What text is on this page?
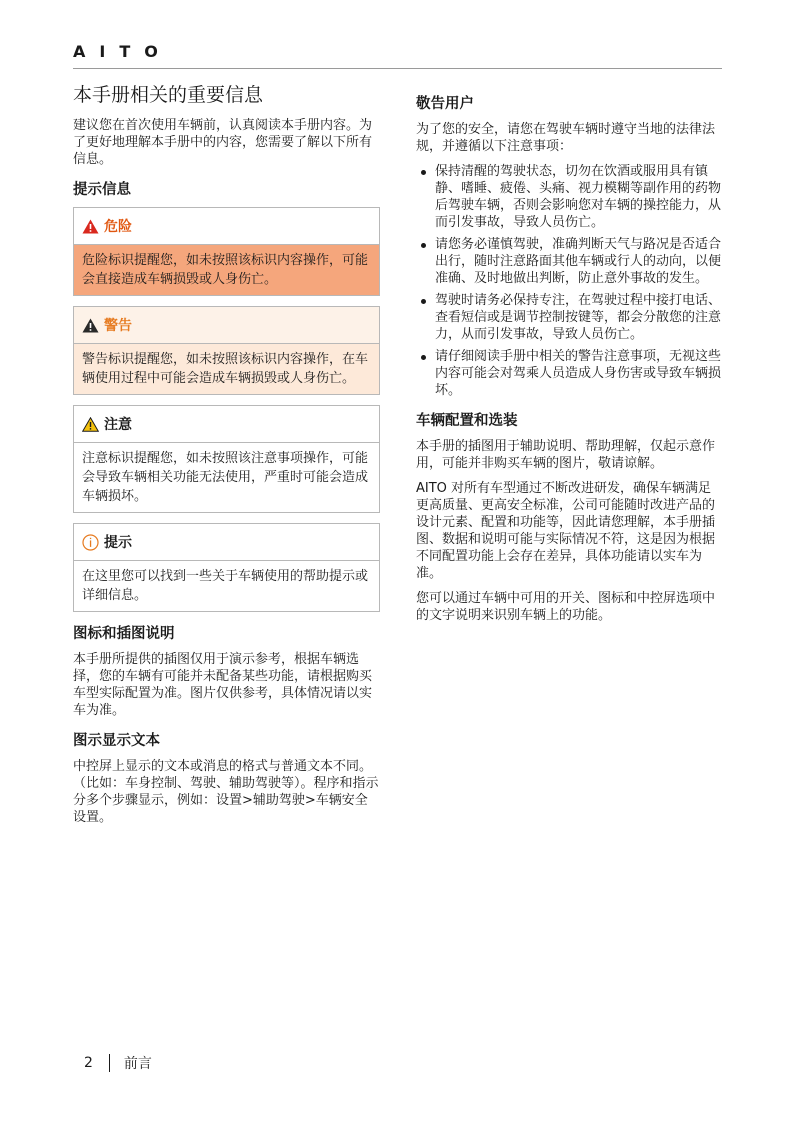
AITO
本手册相关的重要信息

建议您在首次使用车辆前，认真阅读本手册内容。为了更好地理解本手册中的内容，您需要了解以下所有信息。

提示信息
危险
危险标识提醒您，如未按照该标识内容操作，可能会直接造成车辆损毁或人身伤亡。
警告
警告标识提醒您，如未按照该标识内容操作，在车辆使用过程中可能会造成车辆损毁或人身伤亡。
注意
注意标识提醒您，如未按照该注意事项操作，可能会导致车辆相关功能无法使用，严重时可能会造成车辆损坏。
提示
在这里您可以找到一些关于车辆使用的帮助提示或详细信息。
图标和插图说明

本手册所提供的插图仅用于演示参考，根据车辆选择，您的车辆有可能并未配备某些功能，请根据购买车型实际配置为准。图片仅供参考，具体情况请以实车为准。

图示显示文本

中控屏上显示的文本或消息的格式与普通文本不同。（比如：车身控制、驾驶、辅助驾驶等）。程序和指示分多个步骤显示，例如：设置>辅助驾驶>车辆安全设置。

敬告用户

为了您的安全，请您在驾驶车辆时遵守当地的法律法规，并遵循以下注意事项：

保持清醒的驾驶状态，切勿在饮酒或服用具有镇静、嗜睡、疲倦、头痛、视力模糊等副作用的药物后驾驶车辆，否则会影响您对车辆的操控能力，从而引发事故，导致人员伤亡。
请您务必谨慎驾驶，准确判断天气与路况是否适合出行，随时注意路面其他车辆或行人的动向，以便准确、及时地做出判断，防止意外事故的发生。
驾驶时请务必保持专注，在驾驶过程中接打电话、查看短信或是调节控制按键等，都会分散您的注意力，从而引发事故，导致人员伤亡。
请仔细阅读手册中相关的警告注意事项，无视这些内容可能会对驾乘人员造成人身伤害或导致车辆损坏。
车辆配置和选装

本手册的插图用于辅助说明、帮助理解，仅起示意作用，可能并非购买车辆的图片，敬请谅解。

AITO 对所有车型通过不断改进研发，确保车辆满足更高质量、更高安全标准，公司可能随时改进产品的设计元素、配置和功能等，因此请您理解，本手册插图、数据和说明可能与实际情况不符，这是因为根据不同配置功能上会存在差异，具体功能请以实车为准。

您可以通过车辆中可用的开关、图标和中控屏选项中的文字说明来识别车辆上的功能。

2 前言
